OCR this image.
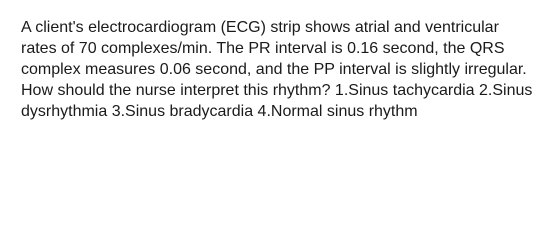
A client's electrocardiogram (ECG) strip shows atrial and ventricular rates of 70 complexes/min. The PR interval is 0.16 second, the QRS complex measures 0.06 second, and the PP interval is slightly irregular. How should the nurse interpret this rhythm? 1.Sinus tachycardia 2.Sinus dysrhythmia 3.Sinus bradycardia 4.Normal sinus rhythm
